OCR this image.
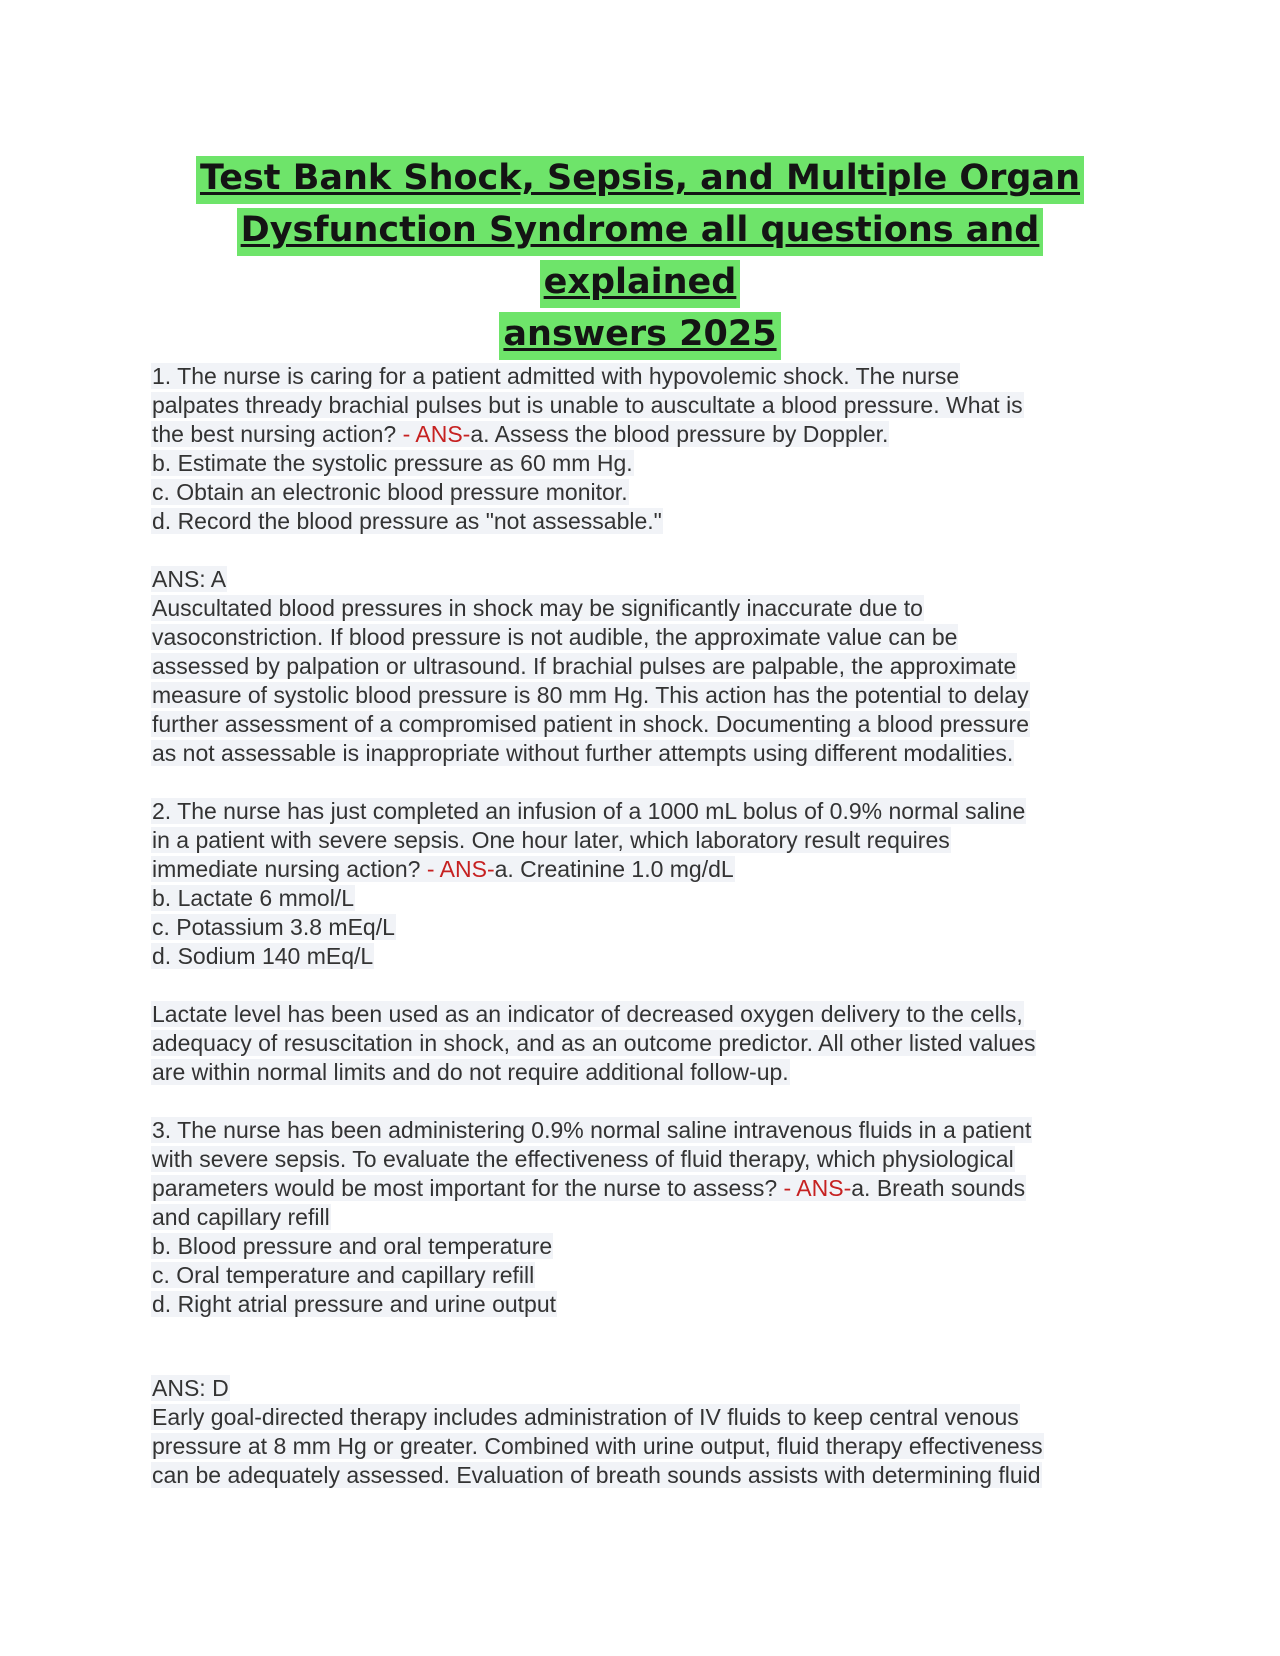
Test Bank Shock, Sepsis, and Multiple Organ
Dysfunction Syndrome all questions and explained
answers 2025
1. The nurse is caring for a patient admitted with hypovolemic shock. The nurse
palpates thready brachial pulses but is unable to auscultate a blood pressure. What is
the best nursing action? - ANS-a. Assess the blood pressure by Doppler.
b. Estimate the systolic pressure as 60 mm Hg.
c. Obtain an electronic blood pressure monitor.
d. Record the blood pressure as "not assessable."
ANS: A
Auscultated blood pressures in shock may be significantly inaccurate due to
vasoconstriction. If blood pressure is not audible, the approximate value can be
assessed by palpation or ultrasound. If brachial pulses are palpable, the approximate
measure of systolic blood pressure is 80 mm Hg. This action has the potential to delay
further assessment of a compromised patient in shock. Documenting a blood pressure
as not assessable is inappropriate without further attempts using different modalities.
2. The nurse has just completed an infusion of a 1000 mL bolus of 0.9% normal saline
in a patient with severe sepsis. One hour later, which laboratory result requires
immediate nursing action? - ANS-a. Creatinine 1.0 mg/dL
b. Lactate 6 mmol/L
c. Potassium 3.8 mEq/L
d. Sodium 140 mEq/L
Lactate level has been used as an indicator of decreased oxygen delivery to the cells,
adequacy of resuscitation in shock, and as an outcome predictor. All other listed values
are within normal limits and do not require additional follow-up.
3. The nurse has been administering 0.9% normal saline intravenous fluids in a patient
with severe sepsis. To evaluate the effectiveness of fluid therapy, which physiological
parameters would be most important for the nurse to assess? - ANS-a. Breath sounds
and capillary refill
b. Blood pressure and oral temperature
c. Oral temperature and capillary refill
d. Right atrial pressure and urine output
ANS: D
Early goal-directed therapy includes administration of IV fluids to keep central venous
pressure at 8 mm Hg or greater. Combined with urine output, fluid therapy effectiveness
can be adequately assessed. Evaluation of breath sounds assists with determining fluid
